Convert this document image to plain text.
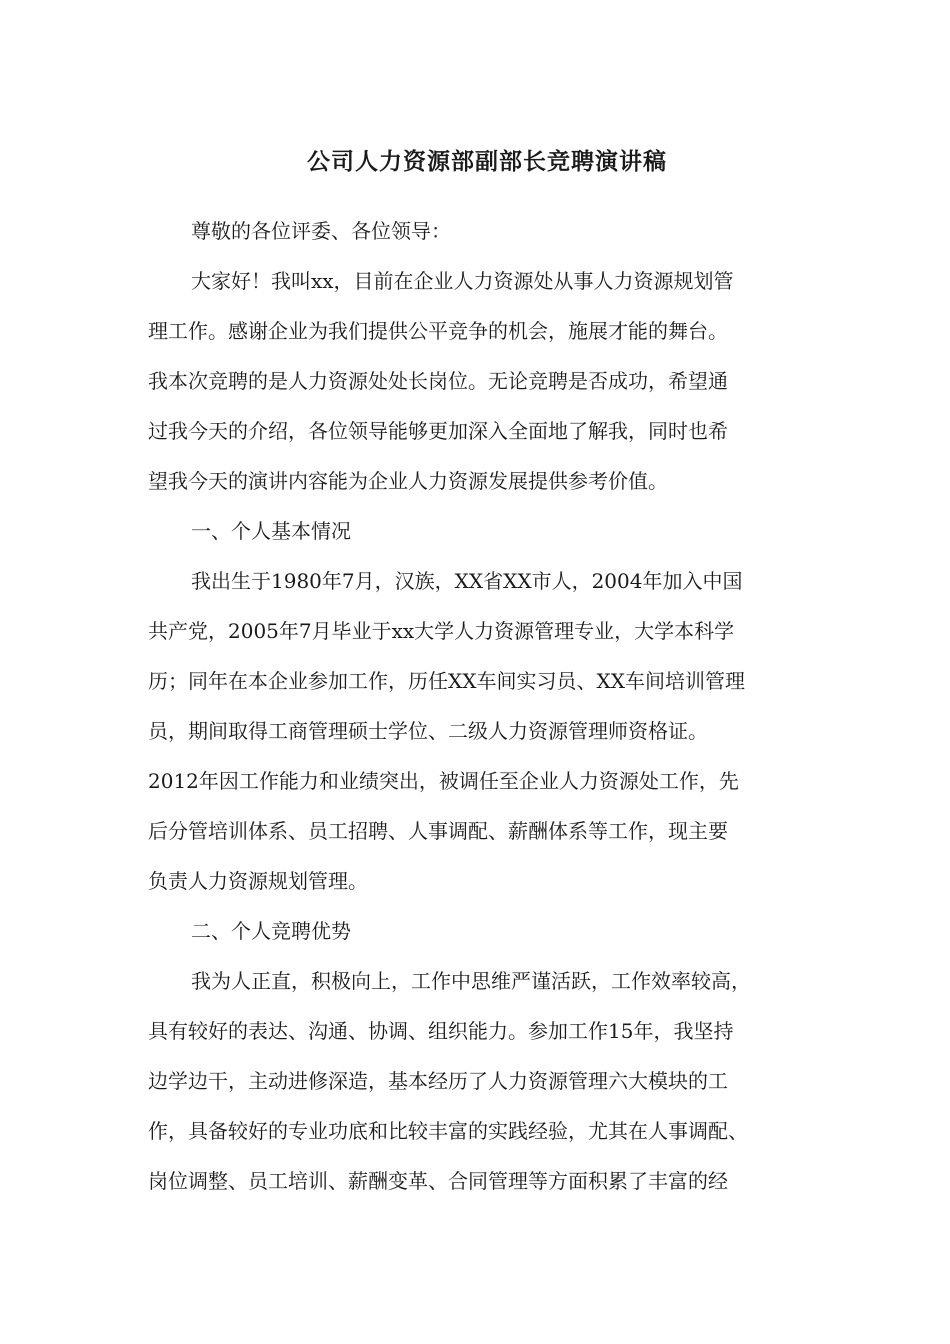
公司人力资源部副部长竞聘演讲稿

尊敬的各位评委、各位领导：

大家好！我叫xx，目前在企业人力资源处从事人力资源规划管
理工作。感谢企业为我们提供公平竞争的机会，施展才能的舞台。
我本次竞聘的是人力资源处处长岗位。无论竞聘是否成功，希望通
过我今天的介绍，各位领导能够更加深入全面地了解我，同时也希
望我今天的演讲内容能为企业人力资源发展提供参考价值。

一、个人基本情况

我出生于1980年7月，汉族，XX省XX市人，2004年加入中国
共产党，2005年7月毕业于xx大学人力资源管理专业，大学本科学
历；同年在本企业参加工作，历任XX车间实习员、XX车间培训管理
员，期间取得工商管理硕士学位、二级人力资源管理师资格证。
2012年因工作能力和业绩突出，被调任至企业人力资源处工作，先
后分管培训体系、员工招聘、人事调配、薪酬体系等工作，现主要
负责人力资源规划管理。

二、个人竞聘优势

我为人正直，积极向上，工作中思维严谨活跃，工作效率较高，
具有较好的表达、沟通、协调、组织能力。参加工作15年，我坚持
边学边干，主动进修深造，基本经历了人力资源管理六大模块的工
作，具备较好的专业功底和比较丰富的实践经验，尤其在人事调配、
岗位调整、员工培训、薪酬变革、合同管理等方面积累了丰富的经
